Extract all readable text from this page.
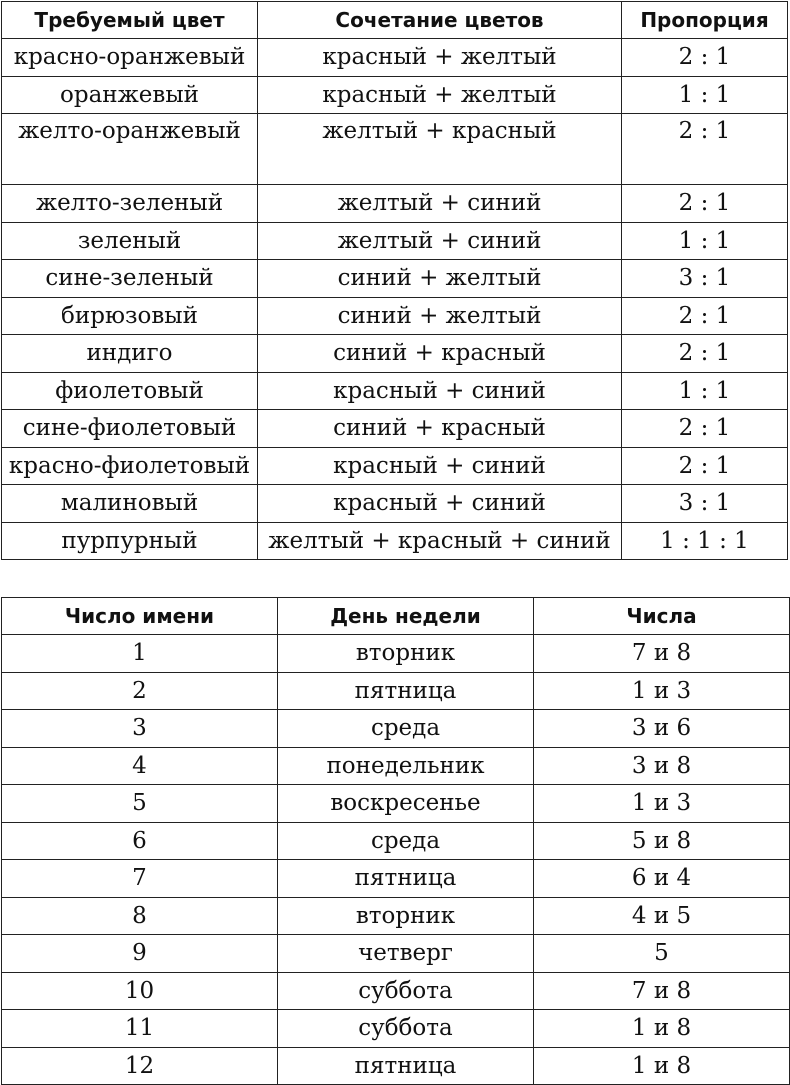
Требуемый цвет	Сочетание цветов	Пропорция
красно-оранжевый	красный + желтый	2 : 1
оранжевый	красный + желтый	1 : 1
желто-оранжевый	желтый + красный	2 : 1
желто-зеленый	желтый + синий	2 : 1
зеленый	желтый + синий	1 : 1
сине-зеленый	синий + желтый	3 : 1
бирюзовый	синий + желтый	2 : 1
индиго	синий + красный	2 : 1
фиолетовый	красный + синий	1 : 1
сине-фиолетовый	синий + красный	2 : 1
красно-фиолетовый	красный + синий	2 : 1
малиновый	красный + синий	3 : 1
пурпурный	желтый + красный + синий	1 : 1 : 1
Число имени	День недели	Числа
1	вторник	7 и 8
2	пятница	1 и 3
3	среда	3 и 6
4	понедельник	3 и 8
5	воскресенье	1 и 3
6	среда	5 и 8
7	пятница	6 и 4
8	вторник	4 и 5
9	четверг	5
10	суббота	7 и 8
11	суббота	1 и 8
12	пятница	1 и 8
